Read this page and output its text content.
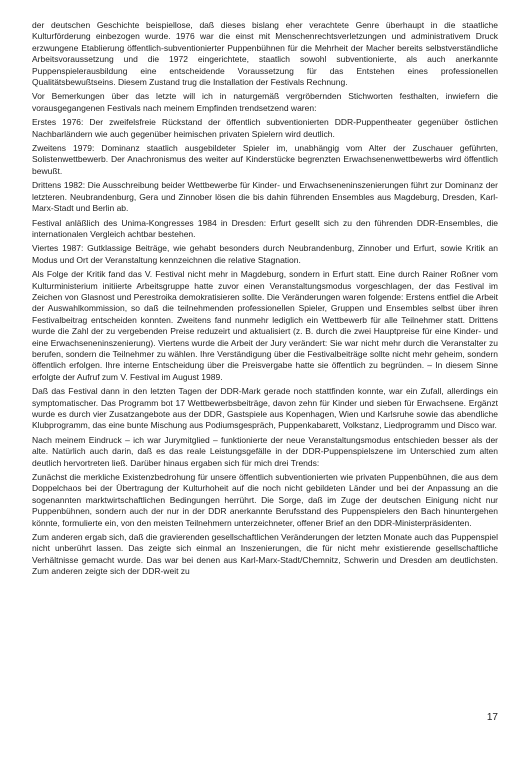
der deutschen Geschichte beispiellose, daß dieses bislang eher verachtete Genre überhaupt in die staatliche Kulturförderung einbezogen wurde. 1976 war die einst mit Menschenrechtsverletzungen und administrativem Druck erzwungene Etablierung öffentlich-subventionierter Puppenbühnen für die Mehrheit der Macher bereits selbstverständliche Arbeitsvoraussetzung und die 1972 eingerichtete, staatlich sowohl subventionierte, als auch anerkannte Puppenspielerausbildung eine entscheidende Voraussetzung für das Entstehen eines professionellen Qualitätsbewußtseins. Diesem Zustand trug die Installation der Festivals Rechnung.

Vor Bemerkungen über das letzte will ich in naturgemäß vergröbernden Stichworten festhalten, inwiefern die vorausgegangenen Festivals nach meinem Empfinden trendsetzend waren:

Erstes 1976: Der zweifelsfreie Rückstand der öffentlich subventionierten DDR-Puppentheater gegenüber östlichen Nachbarländern wie auch gegenüber heimischen privaten Spielern wird deutlich.

Zweitens 1979: Dominanz staatlich ausgebildeter Spieler im, unabhängig vom Alter der Zuschauer geführten, Solistenwettbewerb. Der Anachronismus des weiter auf Kinderstücke begrenzten Erwachsenenwettbewerbs wird öffentlich bewußt.

Drittens 1982: Die Ausschreibung beider Wettbewerbe für Kinder- und Erwachseneninszenierungen führt zur Dominanz der letzteren. Neubrandenburg, Gera und Zinnober lösen die bis dahin führenden Ensembles aus Magdeburg, Dresden, Karl-Marx-Stadt und Berlin ab.

Festival anläßlich des Unima-Kongresses 1984 in Dresden: Erfurt gesellt sich zu den führenden DDR-Ensembles, die internationalen Vergleich achtbar bestehen.

Viertes 1987: Gutklassige Beiträge, wie gehabt besonders durch Neubrandenburg, Zinnober und Erfurt, sowie Kritik an Modus und Ort der Veranstaltung kennzeichnen die relative Stagnation.

Als Folge der Kritik fand das V. Festival nicht mehr in Magdeburg, sondern in Erfurt statt. Eine durch Rainer Roßner vom Kulturministerium initiierte Arbeitsgruppe hatte zuvor einen Veranstaltungsmodus vorgeschlagen, der das Festival im Zeichen von Glasnost und Perestroika demokratisieren sollte. Die Veränderungen waren folgende: Erstens entfiel die Arbeit der Auswahlkommission, so daß die teilnehmenden professionellen Spieler, Gruppen und Ensembles selbst über ihren Festivalbeitrag entscheiden konnten. Zweitens fand nunmehr lediglich ein Wettbewerb für alle Teilnehmer statt. Drittens wurde die Zahl der zu vergebenden Preise reduzeirt und aktualisiert (z. B. durch die zwei Hauptpreise für eine Kinder- und eine Erwachseneninszenierung). Viertens wurde die Arbeit der Jury verändert: Sie war nicht mehr durch die Veranstalter zu berufen, sondern die Teilnehmer zu wählen. Ihre Verständigung über die Festivalbeiträge sollte nicht mehr geheim, sondern öffentlich erfolgen. Ihre interne Entscheidung über die Preisvergabe hatte sie öffentlich zu begründen. – In diesem Sinne erfolgte der Aufruf zum V. Festival im August 1989.

Daß das Festival dann in den letzten Tagen der DDR-Mark gerade noch stattfinden konnte, war ein Zufall, allerdings ein symptomatischer. Das Programm bot 17 Wettbewerbsbeiträge, davon zehn für Kinder und sieben für Erwachsene. Ergänzt wurde es durch vier Zusatzangebote aus der DDR, Gastspiele aus Kopenhagen, Wien und Karlsruhe sowie das abendliche Klubprogramm, das eine bunte Mischung aus Podiumsgespräch, Puppenkabarett, Volkstanz, Liedprogramm und Disco war.

Nach meinem Eindruck – ich war Jurymitglied – funktionierte der neue Veranstaltungsmodus entschieden besser als der alte. Natürlich auch darin, daß es das reale Leistungsgefälle in der DDR-Puppenspielszene im Unterschied zum alten deutlich hervortreten ließ. Darüber hinaus ergaben sich für mich drei Trends:

Zunächst die merkliche Existenzbedrohung für unsere öffentlich subventionierten wie privaten Puppenbühnen, die aus dem Doppelchaos bei der Übertragung der Kulturhoheit auf die noch nicht gebildeten Länder und bei der Anpassung an die sogenannten marktwirtschaftlichen Bedingungen herrührt. Die Sorge, daß im Zuge der deutschen Einigung nicht nur Puppenbühnen, sondern auch der nur in der DDR anerkannte Berufsstand des Puppenspielers den Bach hinuntergehen könnte, formulierte ein, von den meisten Teilnehmern unterzeichneter, offener Brief an den DDR-Ministerpräsidenten.

Zum anderen ergab sich, daß die gravierenden gesellschaftlichen Veränderungen der letzten Monate auch das Puppenspiel nicht unberührt lassen. Das zeigte sich einmal an Inszenierungen, die für nicht mehr existierende gesellschaftliche Verhältnisse gemacht wurde. Das war bei denen aus Karl-Marx-Stadt/Chemnitz, Schwerin und Dresden am deutlichsten. Zum anderen zeigte sich der DDR-weit zu

17
